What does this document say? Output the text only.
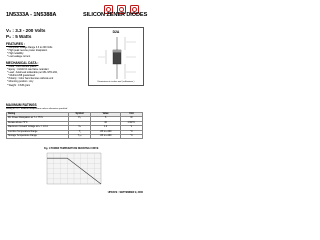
1N5333A - 1N5388A	SILICON ZENER DIODES
V₂ : 3.3 - 200 Volts
P₀ : 5 Watts
FEATURES :
* Complete Voltage Range 3.3 to 200 Volts
* High peak reverse power dissipation
* High reliability
* Low leakage current
MECHANICAL DATA :
* Case : D2A Molded plastic
* Epoxy : UL94V-O rate flame retardant
* Lead : Axial lead solderable per MIL-STD-202,
* Method 208 guaranteed
* Polarity : Color band denotes cathode end
* Mounting position : Any
* Weight : 0.645 gram
D2A
Dimensions in inches and ( millimeters )
MAXIMUM RATINGS
Rating at 25°C ambient temperature unless otherwise specified
Rating	Symbol	Value	Unit
DC Power Dissipation at Tₗ = 75°C	P₀	5	W
Derate above 75°C		40	mW/°C
Maximum Forward Voltage at Iₒ = 1.0 A	Vₒ	1.2	V
Junction Temperature Range	Tⱼ	-65 to +200	°C
Storage Temperature Range	Tₛₜₒ	-65 to +200	°C
Fig. 1 POWER TEMPERATURE DERATING CURVE
UPDATE : SEPTEMBER 9, 2000
